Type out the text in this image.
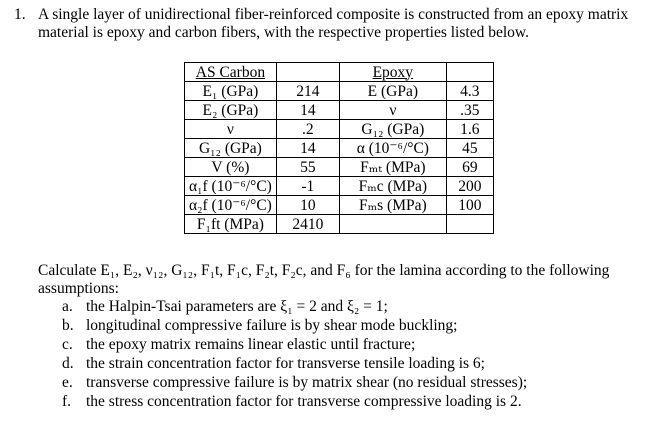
1. A single layer of unidirectional fiber-reinforced composite is constructed from an epoxy matrix material is epoxy and carbon fibers, with the respective properties listed below.
AS Carbon		Epoxy	
E₁ (GPa)	214	E (GPa)	4.3
E₂ (GPa)	14	ν	.35
ν	.2	G₁₂ (GPa)	1.6
G₁₂ (GPa)	14	α (10⁻⁶/°C)	45
V (%)	55	Fₘₜ (MPa)	69
α₁f (10⁻⁶/°C)	-1	Fₘc (MPa)	200
α₂f (10⁻⁶/°C)	10	Fₘs (MPa)	100
F₁ft (MPa)	2410		
Calculate E₁, E₂, ν₁₂, G₁₂, F₁t, F₁c, F₂t, F₂c, and F₆ for the lamina according to the following assumptions:
a. the Halpin-Tsai parameters are ξ₁ = 2 and ξ₂ = 1;
b. longitudinal compressive failure is by shear mode buckling;
c. the epoxy matrix remains linear elastic until fracture;
d. the strain concentration factor for transverse tensile loading is 6;
e. transverse compressive failure is by matrix shear (no residual stresses);
f. the stress concentration factor for transverse compressive loading is 2.
